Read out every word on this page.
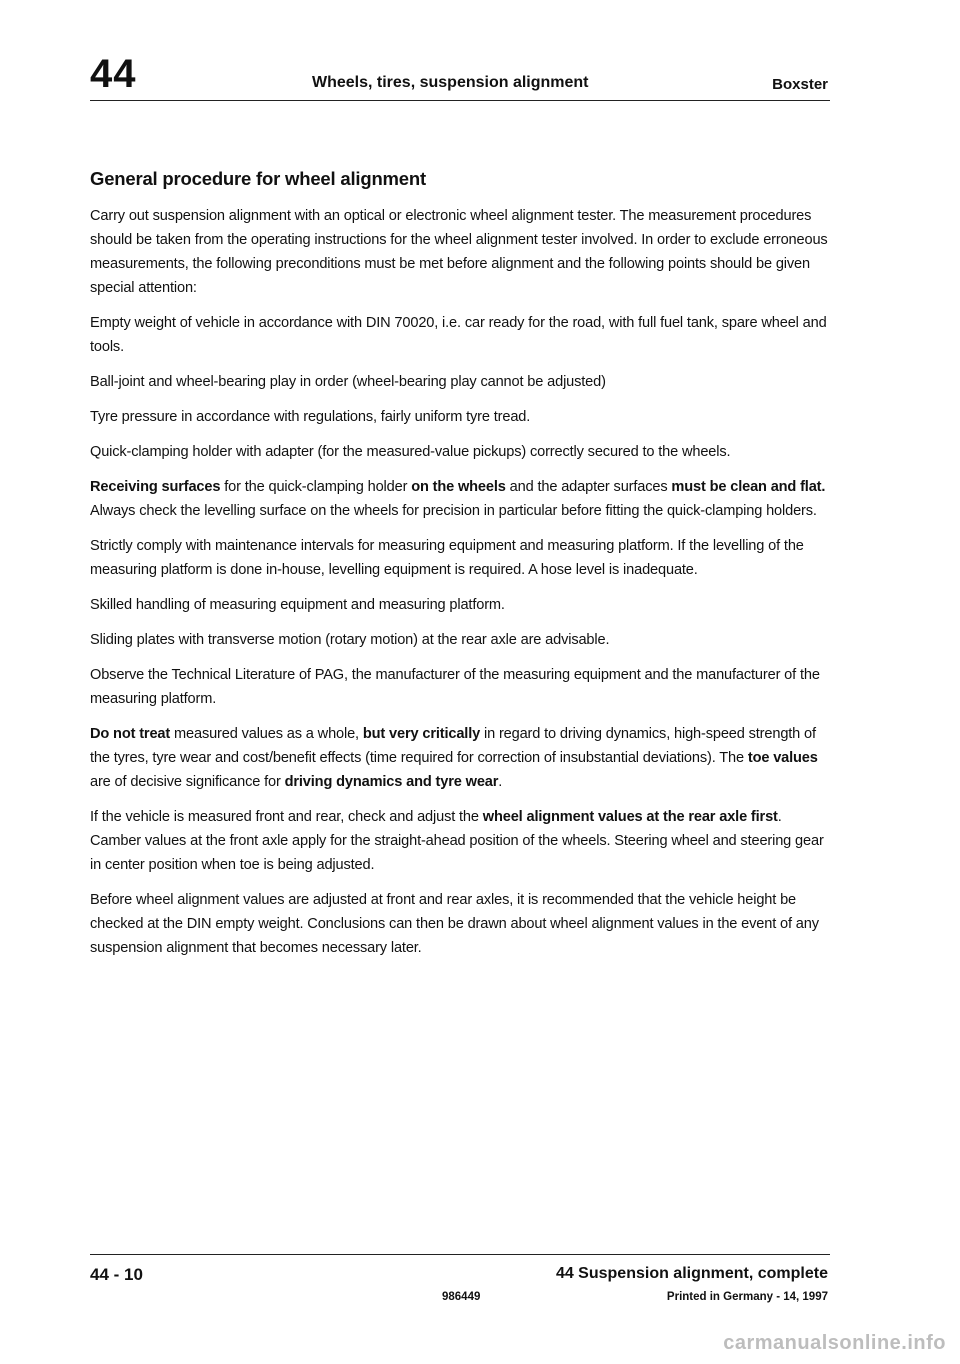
44	Wheels, tires, suspension alignment	Boxster
General procedure for wheel alignment

Carry out suspension alignment with an optical or electronic wheel alignment tester. The measurement procedures should be taken from the operating instructions for the wheel alignment tester involved. In order to exclude erroneous measurements, the following preconditions must be met before alignment and the following points should be given special attention:

Empty weight of vehicle in accordance with DIN 70020, i.e. car ready for the road, with full fuel tank, spare wheel and tools.

Ball-joint and wheel-bearing play in order (wheel-bearing play cannot be adjusted)

Tyre pressure in accordance with regulations, fairly uniform tyre tread.

Quick-clamping holder with adapter (for the measured-value pickups) correctly secured to the wheels.

Receiving surfaces for the quick-clamping holder on the wheels and the adapter surfaces must be clean and flat. Always check the levelling surface on the wheels for precision in particular before fitting the quick-clamping holders.

Strictly comply with maintenance intervals for measuring equipment and measuring platform. If the levelling of the measuring platform is done in-house, levelling equipment is required. A hose level is inadequate.

Skilled handling of measuring equipment and measuring platform.

Sliding plates with transverse motion (rotary motion) at the rear axle are advisable.

Observe the Technical Literature of PAG, the manufacturer of the measuring equipment and the manufacturer of the measuring platform.

Do not treat measured values as a whole, but very critically in regard to driving dynamics, high-speed strength of the tyres, tyre wear and cost/benefit effects (time required for correction of insubstantial deviations). The toe values are of decisive significance for driving dynamics and tyre wear.

If the vehicle is measured front and rear, check and adjust the wheel alignment values at the rear axle first. Camber values at the front axle apply for the straight-ahead position of the wheels. Steering wheel and steering gear in center position when toe is being adjusted.

Before wheel alignment values are adjusted at front and rear axles, it is recommended that the vehicle height be checked at the DIN empty weight. Conclusions can then be drawn about wheel alignment values in the event of any suspension alignment that becomes necessary later.

44 - 10	44 Suspension alignment, complete
986449	Printed in Germany - 14, 1997
carmanualsonline.info
